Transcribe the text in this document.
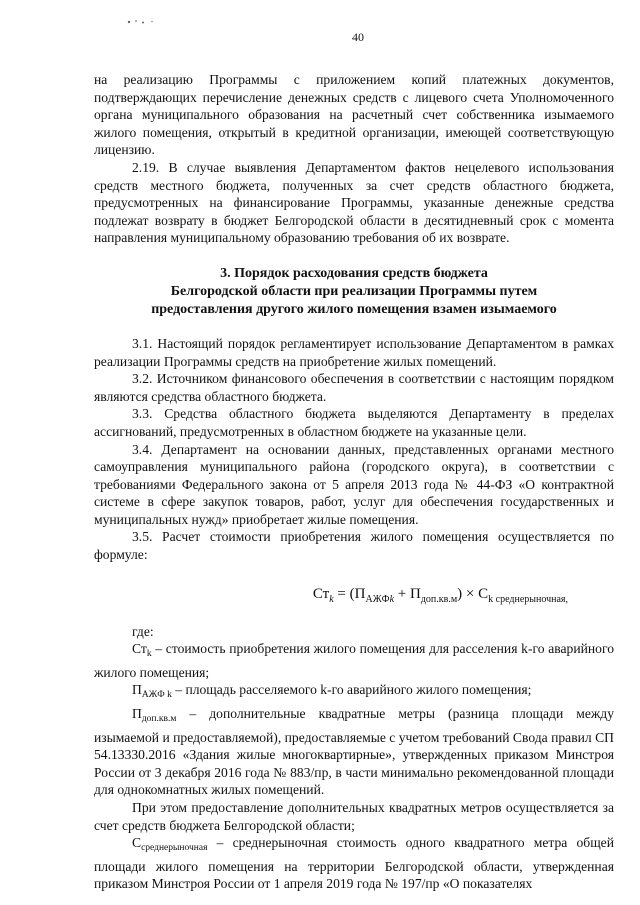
40

на реализацию Программы с приложением копий платежных документов, подтверждающих перечисление денежных средств с лицевого счета Уполномоченного органа муниципального образования на расчетный счет собственника изымаемого жилого помещения, открытый в кредитной организации, имеющей соответствующую лицензию.

2.19. В случае выявления Департаментом фактов нецелевого использования средств местного бюджета, полученных за счет средств областного бюджета, предусмотренных на финансирование Программы, указанные денежные средства подлежат возврату в бюджет Белгородской области в десятидневный срок с момента направления муниципальному образованию требования об их возврате.

3. Порядок расходования средств бюджета
Белгородской области при реализации Программы путем
предоставления другого жилого помещения взамен изымаемого

3.1. Настоящий порядок регламентирует использование Департаментом в рамках реализации Программы средств на приобретение жилых помещений.

3.2. Источником финансового обеспечения в соответствии с настоящим порядком являются средства областного бюджета.

3.3. Средства областного бюджета выделяются Департаменту в пределах ассигнований, предусмотренных в областном бюджете на указанные цели.

3.4. Департамент на основании данных, представленных органами местного самоуправления муниципального района (городского округа), в соответствии с требованиями Федерального закона от 5 апреля 2013 года № 44-ФЗ «О контрактной системе в сфере закупок товаров, работ, услуг для обеспечения государственных и муниципальных нужд» приобретает жилые помещения.

3.5. Расчет стоимости приобретения жилого помещения осуществляется по формуле:

$Ст_k = (П_{АЖФk} + П_{доп.кв.м}) \times С_{k среднерыночная,}$

где:

$Ст_k$ – стоимость приобретения жилого помещения для расселения k-го аварийного жилого помещения;

$П_{АЖФ k}$ – площадь расселяемого k-го аварийного жилого помещения;

$П_{доп.кв.м}$ – дополнительные квадратные метры (разница площади между изымаемой и предоставляемой), предоставляемые с учетом требований Свода правил СП 54.13330.2016 «Здания жилые многоквартирные», утвержденных приказом Минстроя России от 3 декабря 2016 года № 883/пр, в части минимально рекомендованной площади для однокомнатных жилых помещений.

При этом предоставление дополнительных квадратных метров осуществляется за счет средств бюджета Белгородской области;

$С_{среднерыночная}$ – среднерыночная стоимость одного квадратного метра общей площади жилого помещения на территории Белгородской области, утвержденная приказом Минстроя России от 1 апреля 2019 года № 197/пр «О показателях
